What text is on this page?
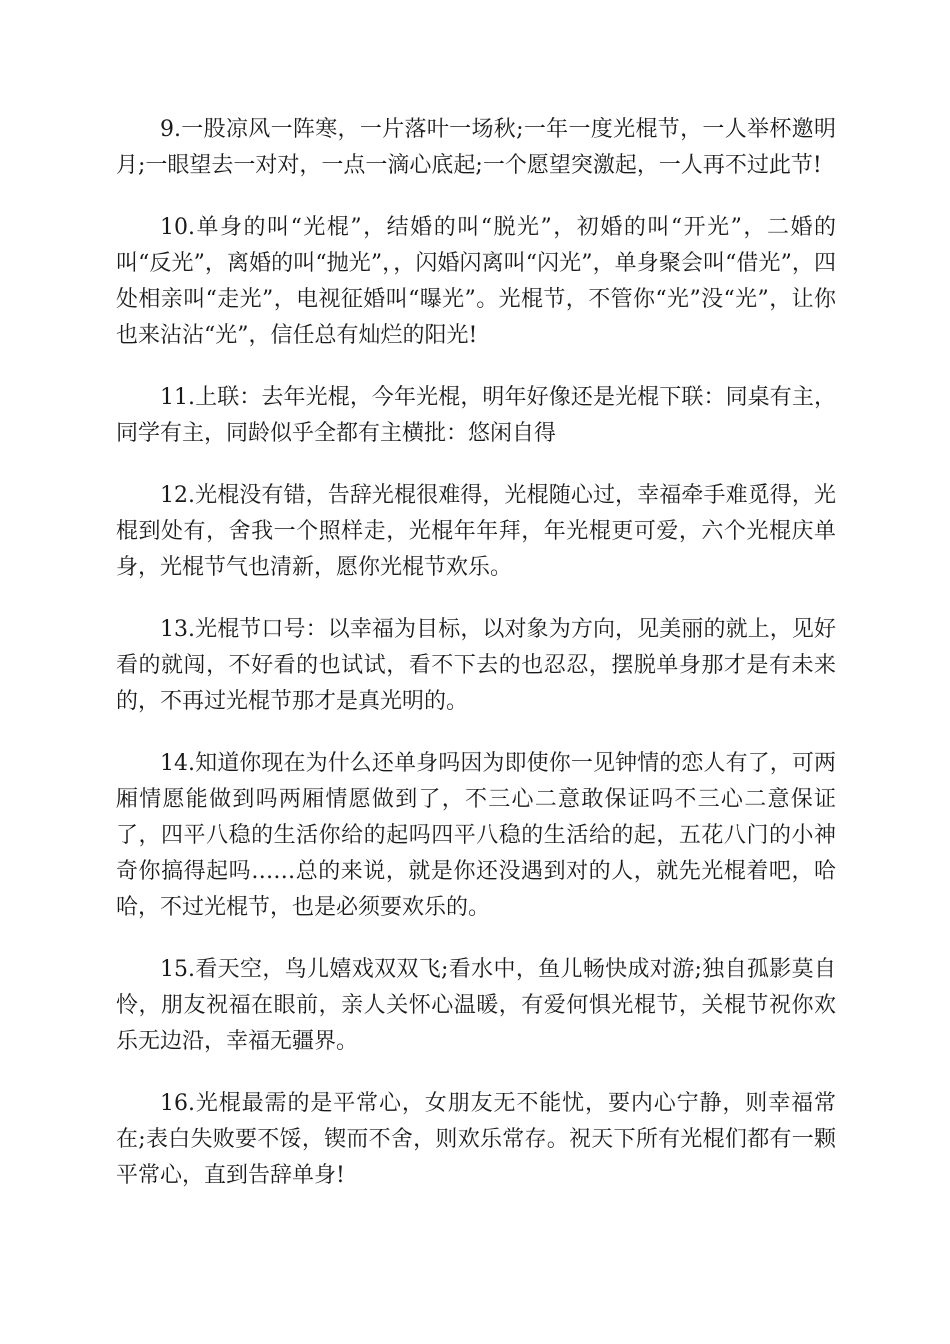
9.一股凉风一阵寒，一片落叶一场秋;一年一度光棍节，一人举杯邀明月;一眼望去一对对，一点一滴心底起;一个愿望突激起，一人再不过此节!

10.单身的叫“光棍”，结婚的叫“脱光”，初婚的叫“开光”，二婚的叫“反光”，离婚的叫“抛光”，，闪婚闪离叫“闪光”，单身聚会叫“借光”，四处相亲叫“走光”，电视征婚叫“曝光”。光棍节，不管你“光”没“光”，让你也来沾沾“光”，信任总有灿烂的阳光!

11.上联：去年光棍，今年光棍，明年好像还是光棍下联：同桌有主，同学有主，同龄似乎全都有主横批：悠闲自得

12.光棍没有错，告辞光棍很难得，光棍随心过，幸福牵手难觅得，光棍到处有，舍我一个照样走，光棍年年拜，年光棍更可爱，六个光棍庆单身，光棍节气也清新，愿你光棍节欢乐。

13.光棍节口号：以幸福为目标，以对象为方向，见美丽的就上，见好看的就闯，不好看的也试试，看不下去的也忍忍，摆脱单身那才是有未来的，不再过光棍节那才是真光明的。

14.知道你现在为什么还单身吗因为即使你一见钟情的恋人有了，可两厢情愿能做到吗两厢情愿做到了，不三心二意敢保证吗不三心二意保证了，四平八稳的生活你给的起吗四平八稳的生活给的起，五花八门的小神奇你搞得起吗……总的来说，就是你还没遇到对的人，就先光棍着吧，哈哈，不过光棍节，也是必须要欢乐的。

15.看天空，鸟儿嬉戏双双飞;看水中，鱼儿畅快成对游;独自孤影莫自怜，朋友祝福在眼前，亲人关怀心温暖，有爱何惧光棍节，关棍节祝你欢乐无边沿，幸福无疆界。

16.光棍最需的是平常心，女朋友无不能忧，要内心宁静，则幸福常在;表白失败要不馁，锲而不舍，则欢乐常存。祝天下所有光棍们都有一颗平常心，直到告辞单身!
